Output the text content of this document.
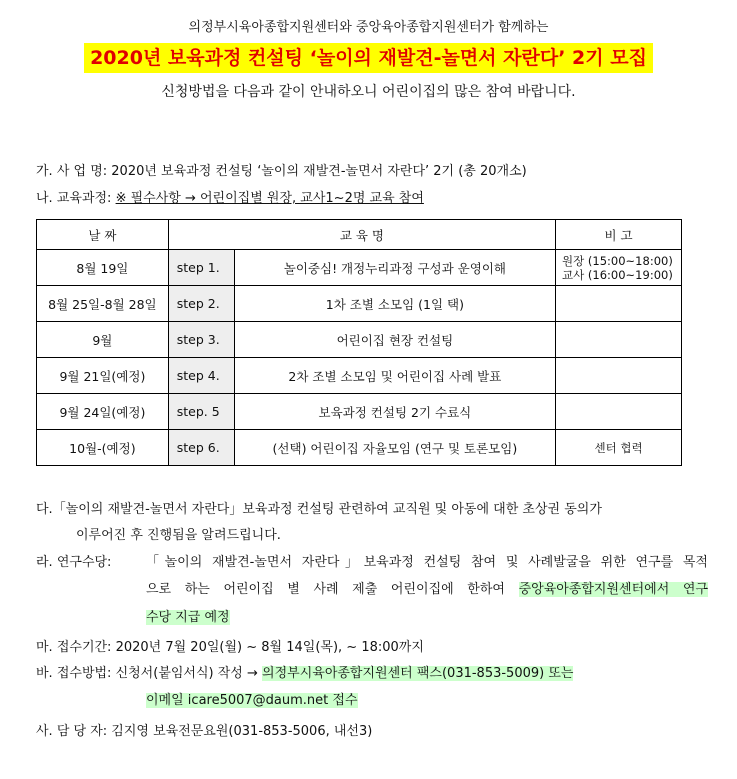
의정부시육아종합지원센터와 중앙육아종합지원센터가 함께하는
2020년 보육과정 컨설팅 ‘놀이의 재발견-놀면서 자란다’ 2기 모집
신청방법을 다음과 같이 안내하오니 어린이집의 많은 참여 바랍니다.
가. 사 업 명: 2020년 보육과정 컨설팅 ‘놀이의 재발견-놀면서 자란다’ 2기 (총 20개소)
나. 교육과정: ※ 필수사항 → 어린이집별 원장, 교사1~2명 교육 참여
날 짜	교 육 명		비 고
8월 19일	step 1.	놀이중심! 개정누리과정 구성과 운영이해	원장 (15:00~18:00)
교사 (16:00~19:00)

8월 25일-8월 28일	step 2.	1차 조별 소모임 (1일 택)	
9월	step 3.	어린이집 현장 컨설팅	
9월 21일(예정)	step 4.	2차 조별 소모임 및 어린이집 사례 발표	
9월 24일(예정)	step. 5	보육과정 컨설팅 2기 수료식	
10월-(예정)	step 6.	(선택) 어린이집 자율모임 (연구 및 토론모임)	센터 협력
다.「놀이의 재발견-놀면서 자란다」보육과정 컨설팅 관련하여 교직원 및 아동에 대한 초상권 동의가
이루어진 후 진행됨을 알려드립니다.
라. 연구수당:	「놀이의 재발견-놀면서 자란다」보육과정 컨설팅 참여 및 사례발굴을 위한 연구를 목적
으로 하는 어린이집 별 사례 제출 어린이집에 한하여 중앙육아종합지원센터에서 연구
수당 지급 예정
마. 접수기간: 2020년 7월 20일(월) ~ 8월 14일(목), ~ 18:00까지
바. 접수방법: 신청서(붙임서식) 작성 → 의정부시육아종합지원센터 팩스(031-853-5009) 또는
이메일 icare5007@daum.net 접수
사. 담 당 자: 김지영 보육전문요원(031-853-5006, 내선3)
